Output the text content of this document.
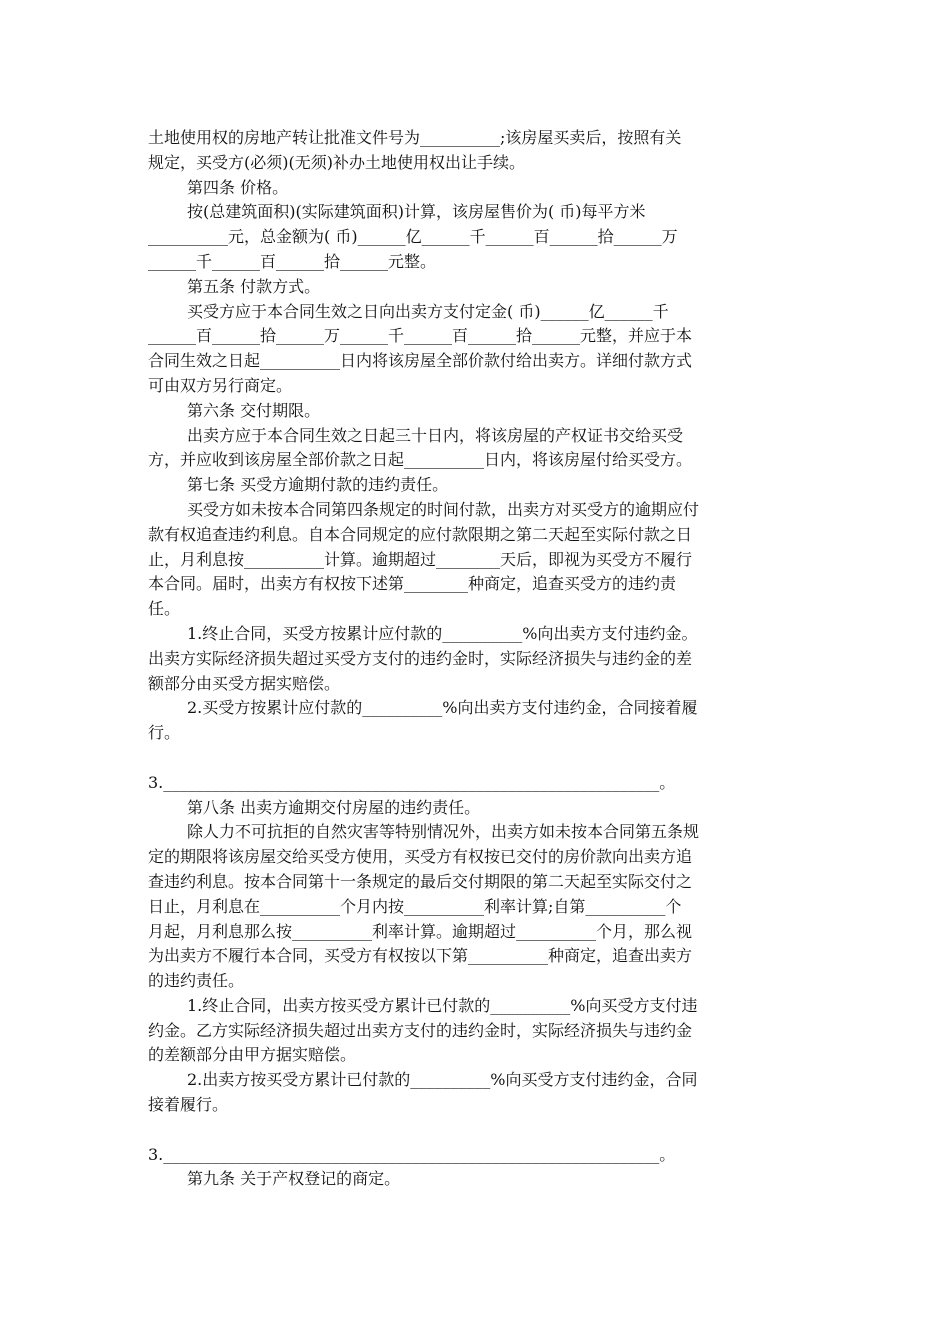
土地使用权的房地产转让批准文件号为__________;该房屋买卖后，按照有关
规定，买受方(必须)(无须)补办土地使用权出让手续。
第四条 价格。
按(总建筑面积)(实际建筑面积)计算，该房屋售价为( 币)每平方米
__________元，总金额为( 币)______亿______千______百______拾______万
______千______百______拾______元整。
第五条 付款方式。
买受方应于本合同生效之日向出卖方支付定金( 币)______亿______千
______百______拾______万______千______百______拾______元整，并应于本
合同生效之日起__________日内将该房屋全部价款付给出卖方。详细付款方式
可由双方另行商定。
第六条 交付期限。
出卖方应于本合同生效之日起三十日内，将该房屋的产权证书交给买受
方，并应收到该房屋全部价款之日起__________日内，将该房屋付给买受方。
第七条 买受方逾期付款的违约责任。
买受方如未按本合同第四条规定的时间付款，出卖方对买受方的逾期应付
款有权追查违约利息。自本合同规定的应付款限期之第二天起至实际付款之日
止，月利息按__________计算。逾期超过________天后，即视为买受方不履行
本合同。届时，出卖方有权按下述第________种商定，追查买受方的违约责
任。
1.终止合同，买受方按累计应付款的__________%向出卖方支付违约金。
出卖方实际经济损失超过买受方支付的违约金时，实际经济损失与违约金的差
额部分由买受方据实赔偿。
2.买受方按累计应付款的__________%向出卖方支付违约金，合同接着履
行。
3.______________________________________________________________。
第八条 出卖方逾期交付房屋的违约责任。
除人力不可抗拒的自然灾害等特别情况外，出卖方如未按本合同第五条规
定的期限将该房屋交给买受方使用，买受方有权按已交付的房价款向出卖方追
查违约利息。按本合同第十一条规定的最后交付期限的第二天起至实际交付之
日止，月利息在__________个月内按__________利率计算;自第__________个
月起，月利息那么按__________利率计算。逾期超过__________个月，那么视
为出卖方不履行本合同，买受方有权按以下第__________种商定，追查出卖方
的违约责任。
1.终止合同，出卖方按买受方累计已付款的__________%向买受方支付违
约金。乙方实际经济损失超过出卖方支付的违约金时，实际经济损失与违约金
的差额部分由甲方据实赔偿。
2.出卖方按买受方累计已付款的__________%向买受方支付违约金，合同
接着履行。
3.______________________________________________________________。
第九条 关于产权登记的商定。
